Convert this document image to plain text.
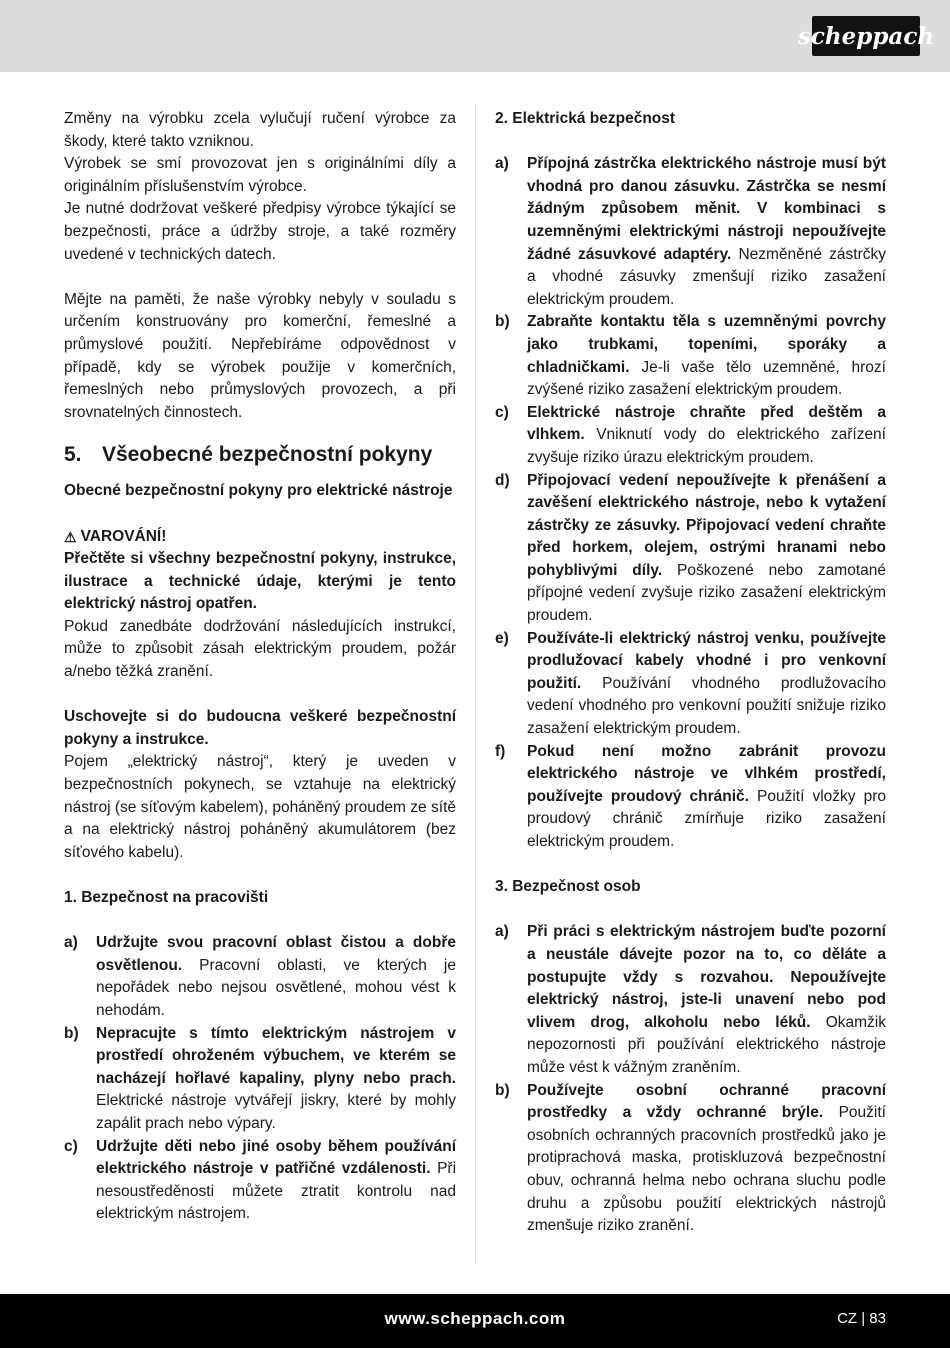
scheppach

Změny na výrobku zcela vylučují ručení výrobce za škody, které takto vzniknou.

Výrobek se smí provozovat jen s originálními díly a originálním příslušenstvím výrobce.

Je nutné dodržovat veškeré předpisy výrobce týkající se bezpečnosti, práce a údržby stroje, a také rozměry uvedené v technických datech.

Mějte na paměti, že naše výrobky nebyly v souladu s určením konstruovány pro komerční, řemeslné a průmyslové použití. Nepřebíráme odpovědnost v případě, kdy se výrobek použije v komerčních, řemeslných nebo průmyslových provozech, a při srovnatelných činnostech.

5. Všeobecné bezpečnostní pokyny

Obecné bezpečnostní pokyny pro elektrické nástroje

⚠ VAROVÁNÍ!

Přečtěte si všechny bezpečnostní pokyny, instrukce, ilustrace a technické údaje, kterými je tento elektrický nástroj opatřen.

Pokud zanedbáte dodržování následujících instrukcí, může to způsobit zásah elektrickým proudem, požár a/nebo těžká zranění.

Uschovejte si do budoucna veškeré bezpečnostní pokyny a instrukce.

Pojem „elektrický nástroj“, který je uveden v bezpečnostních pokynech, se vztahuje na elektrický nástroj (se síťovým kabelem), poháněný proudem ze sítě a na elektrický nástroj poháněný akumulátorem (bez síťového kabelu).

1. Bezpečnost na pracovišti

a)	Udržujte svou pracovní oblast čistou a dobře osvětlenou. Pracovní oblasti, ve kterých je nepořádek nebo nejsou osvětlené, mohou vést k nehodám.
b)	Nepracujte s tímto elektrickým nástrojem v prostředí ohroženém výbuchem, ve kterém se nacházejí hořlavé kapaliny, plyny nebo prach. Elektrické nástroje vytvářejí jiskry, které by mohly zapálit prach nebo výpary.
c)	Udržujte děti nebo jiné osoby během používání elektrického nástroje v patřičné vzdálenosti. Při nesoustředěnosti můžete ztratit kontrolu nad elektrickým nástrojem.

2. Elektrická bezpečnost

a)	Přípojná zástrčka elektrického nástroje musí být vhodná pro danou zásuvku. Zástrčka se nesmí žádným způsobem měnit. V kombinaci s uzemněnými elektrickými nástroji nepoužívejte žádné zásuvkové adaptéry. Nezměněné zástrčky a vhodné zásuvky zmenšují riziko zasažení elektrickým proudem.
b)	Zabraňte kontaktu těla s uzemněnými povrchy jako trubkami, topeními, sporáky a chladničkami. Je-li vaše tělo uzemněné, hrozí zvýšené riziko zasažení elektrickým proudem.
c)	Elektrické nástroje chraňte před deštěm a vlhkem. Vniknutí vody do elektrického zařízení zvyšuje riziko úrazu elektrickým proudem.
d)	Připojovací vedení nepoužívejte k přenášení a zavěšení elektrického nástroje, nebo k vytažení zástrčky ze zásuvky. Připojovací vedení chraňte před horkem, olejem, ostrými hranami nebo pohyblivými díly. Poškozené nebo zamotané přípojné vedení zvyšuje riziko zasažení elektrickým proudem.
e)	Používáte-li elektrický nástroj venku, používejte prodlužovací kabely vhodné i pro venkovní použití. Používání vhodného prodlužovacího vedení vhodného pro venkovní použití snižuje riziko zasažení elektrickým proudem.
f)	Pokud není možno zabránit provozu elektrického nástroje ve vlhkém prostředí, používejte proudový chránič. Použití vložky pro proudový chránič zmírňuje riziko zasažení elektrickým proudem.

3. Bezpečnost osob

a)	Při práci s elektrickým nástrojem buďte pozorní a neustále dávejte pozor na to, co děláte a postupujte vždy s rozvahou. Nepoužívejte elektrický nástroj, jste-li unavení nebo pod vlivem drog, alkoholu nebo léků. Okamžik nepozornosti při používání elektrického nástroje může vést k vážným zraněním.
b)	Používejte osobní ochranné pracovní prostředky a vždy ochranné brýle. Použití osobních ochranných pracovních prostředků jako je protiprachová maska, protiskluzová bezpečnostní obuv, ochranná helma nebo ochrana sluchu podle druhu a způsobu použití elektrických nástrojů zmenšuje riziko zranění.
www.scheppach.com	CZ | 83
